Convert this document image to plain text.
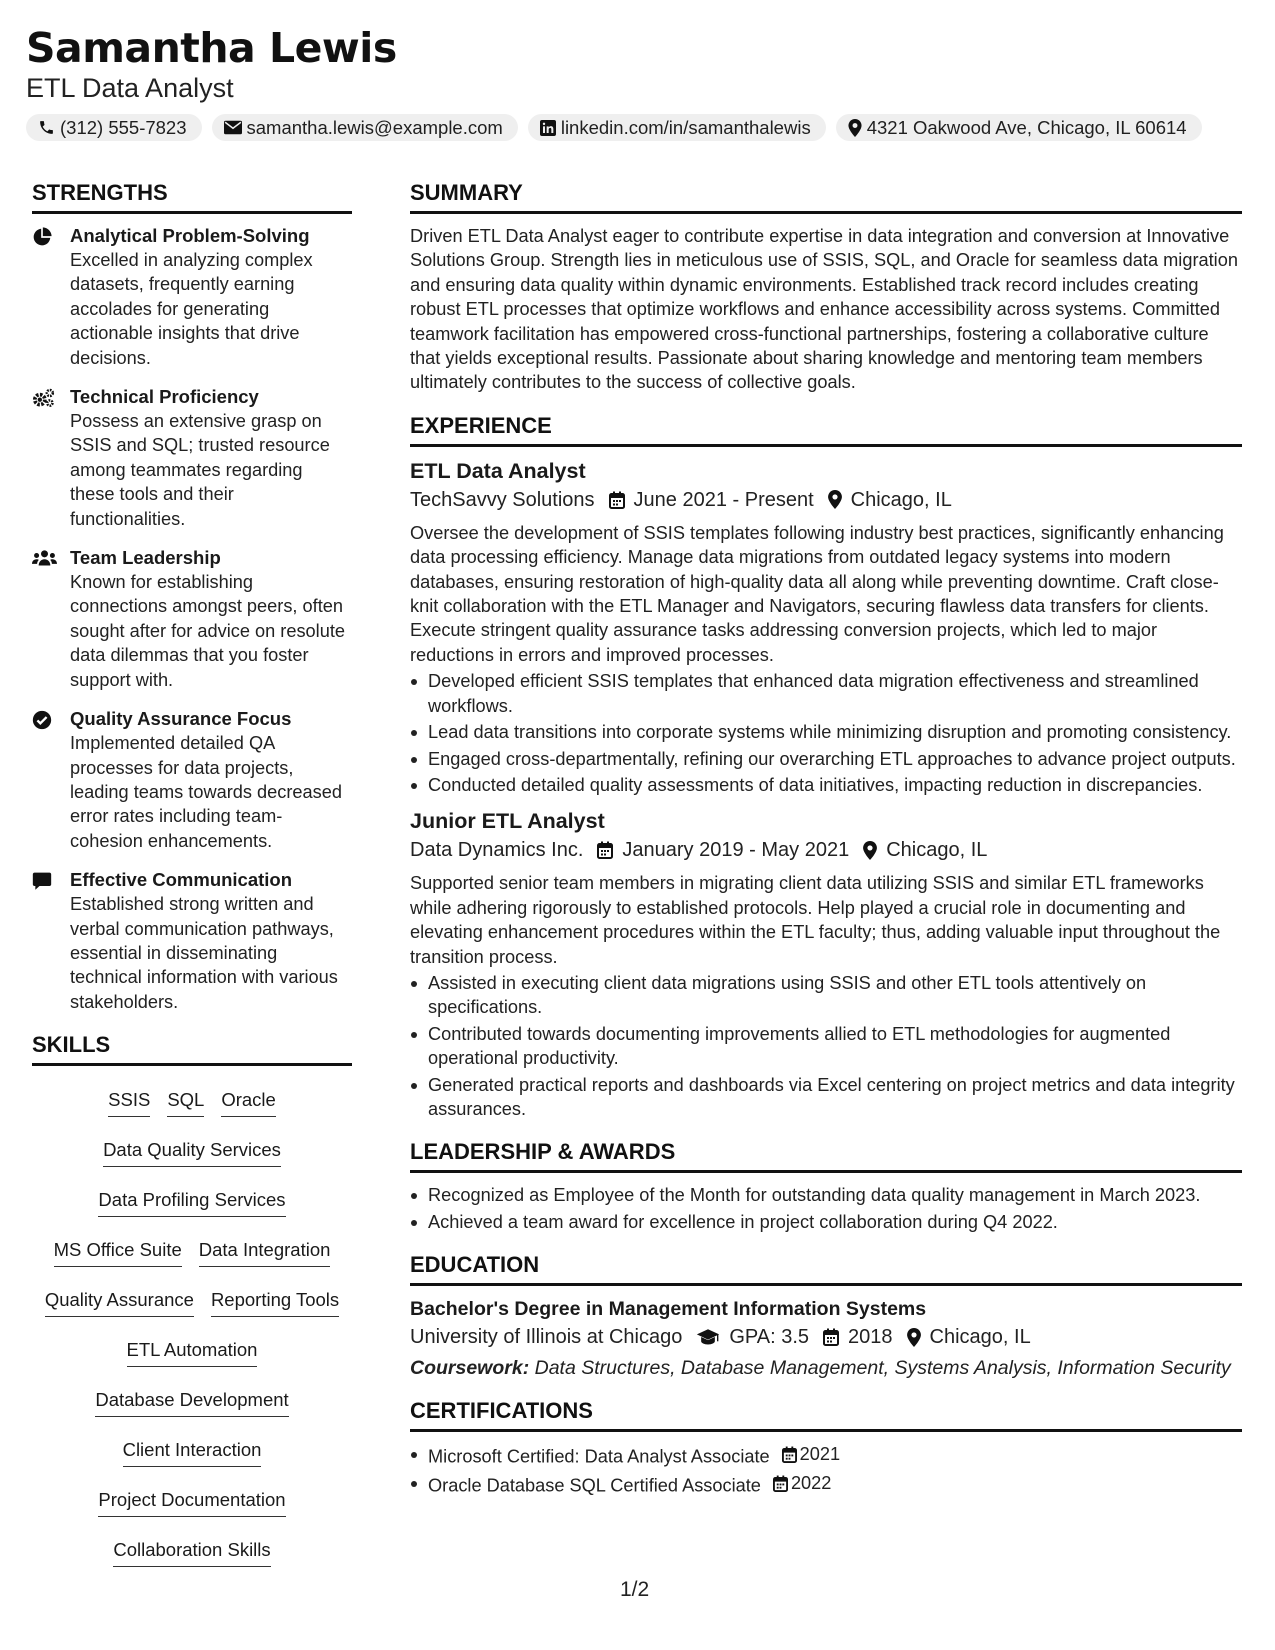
Samantha Lewis
ETL Data Analyst
(312) 555-7823	samantha.lewis@example.com	linkedin.com/in/samanthalewis	4321 Oakwood Ave, Chicago, IL 60614
STRENGTHS
Analytical Problem-Solving
Excelled in analyzing complex datasets, frequently earning accolades for generating actionable insights that drive decisions.
Technical Proficiency
Possess an extensive grasp on SSIS and SQL; trusted resource among teammates regarding these tools and their functionalities.
Team Leadership
Known for establishing connections amongst peers, often sought after for advice on resolute data dilemmas that you foster support with.
Quality Assurance Focus
Implemented detailed QA processes for data projects, leading teams towards decreased error rates including team-cohesion enhancements.
Effective Communication
Established strong written and verbal communication pathways, essential in disseminating technical information with various stakeholders.
SKILLS
SSIS SQL Oracle
Data Quality Services
Data Profiling Services
MS Office Suite Data Integration
Quality Assurance Reporting Tools
ETL Automation
Database Development
Client Interaction
Project Documentation
Collaboration Skills
SUMMARY
Driven ETL Data Analyst eager to contribute expertise in data integration and conversion at Innovative Solutions Group. Strength lies in meticulous use of SSIS, SQL, and Oracle for seamless data migration and ensuring data quality within dynamic environments. Established track record includes creating robust ETL processes that optimize workflows and enhance accessibility across systems. Committed teamwork facilitation has empowered cross-functional partnerships, fostering a collaborative culture that yields exceptional results. Passionate about sharing knowledge and mentoring team members ultimately contributes to the success of collective goals.
EXPERIENCE
ETL Data Analyst
TechSavvy Solutions June 2021 - Present Chicago, IL
Oversee the development of SSIS templates following industry best practices, significantly enhancing data processing efficiency. Manage data migrations from outdated legacy systems into modern databases, ensuring restoration of high-quality data all along while preventing downtime. Craft close-knit collaboration with the ETL Manager and Navigators, securing flawless data transfers for clients. Execute stringent quality assurance tasks addressing conversion projects, which led to major reductions in errors and improved processes.
Developed efficient SSIS templates that enhanced data migration effectiveness and streamlined workflows.
Lead data transitions into corporate systems while minimizing disruption and promoting consistency.
Engaged cross-departmentally, refining our overarching ETL approaches to advance project outputs.
Conducted detailed quality assessments of data initiatives, impacting reduction in discrepancies.
Junior ETL Analyst
Data Dynamics Inc. January 2019 - May 2021 Chicago, IL
Supported senior team members in migrating client data utilizing SSIS and similar ETL frameworks while adhering rigorously to established protocols. Help played a crucial role in documenting and elevating enhancement procedures within the ETL faculty; thus, adding valuable input throughout the transition process.
Assisted in executing client data migrations using SSIS and other ETL tools attentively on specifications.
Contributed towards documenting improvements allied to ETL methodologies for augmented operational productivity.
Generated practical reports and dashboards via Excel centering on project metrics and data integrity assurances.
LEADERSHIP & AWARDS
Recognized as Employee of the Month for outstanding data quality management in March 2023.
Achieved a team award for excellence in project collaboration during Q4 2022.
EDUCATION
Bachelor's Degree in Management Information Systems
University of Illinois at Chicago GPA: 3.5 2018 Chicago, IL
Coursework: Data Structures, Database Management, Systems Analysis, Information Security
CERTIFICATIONS
Microsoft Certified: Data Analyst Associate 2021
Oracle Database SQL Certified Associate 2022
1/2
